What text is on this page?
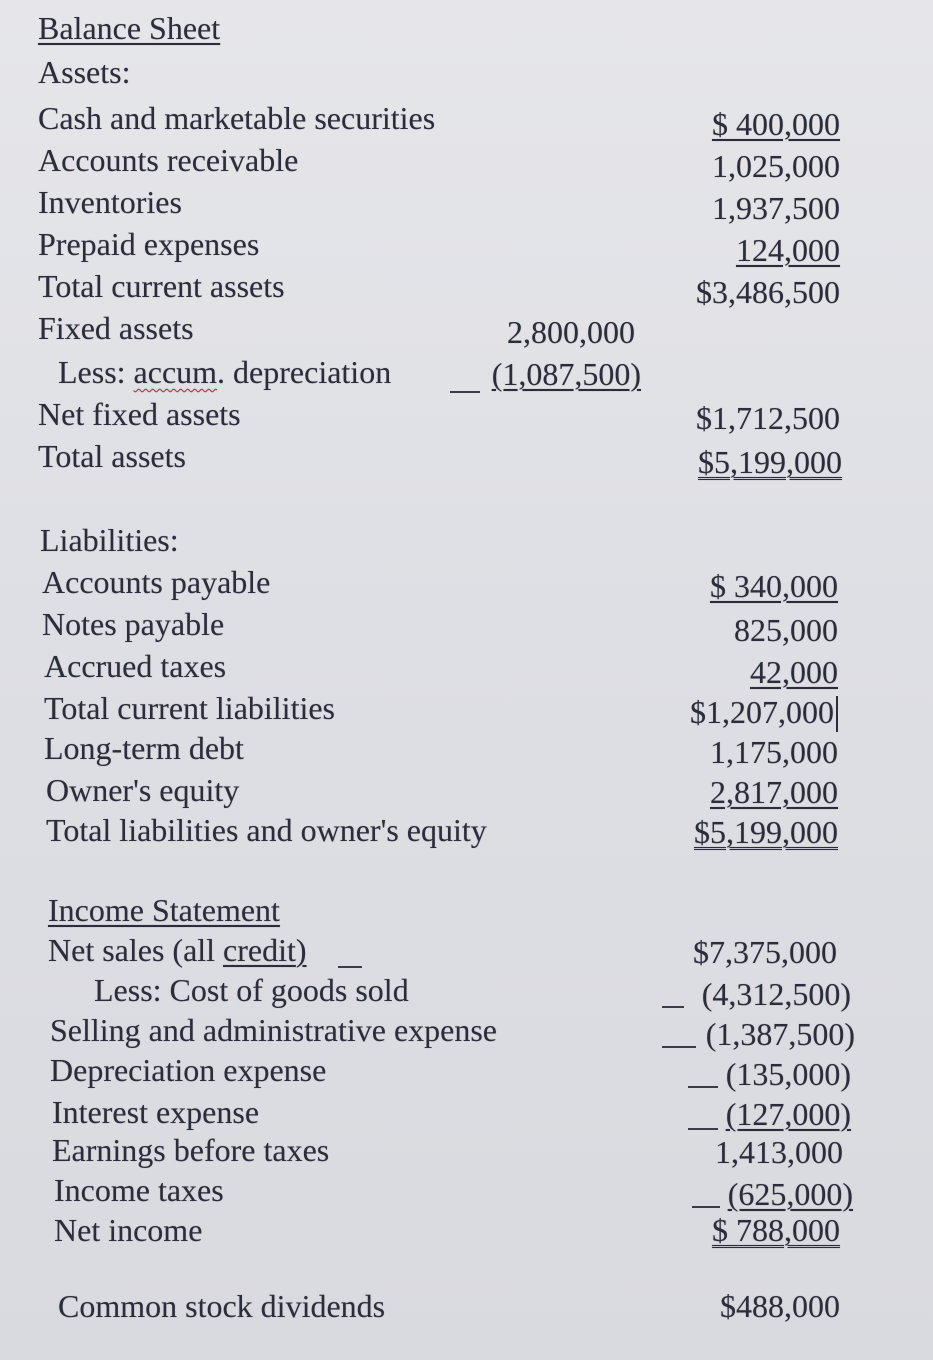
Balance Sheet
Assets:
Cash and marketable securities	$ 400,000
Accounts receivable	1,025,000
Inventories	1,937,500
Prepaid expenses	124,000
Total current assets	$3,486,500
Fixed assets	2,800,000
Less: accum. depreciation	(1,087,500)
Net fixed assets	$1,712,500
Total assets	$5,199,000
Liabilities:
Accounts payable	$ 340,000
Notes payable	825,000
Accrued taxes	42,000
Total current liabilities	$1,207,000
Long-term debt	1,175,000
Owner's equity	2,817,000
Total liabilities and owner's equity	$5,199,000
Income Statement
Net sales (all credit)	$7,375,000
Less: Cost of goods sold	(4,312,500)
Selling and administrative expense	(1,387,500)
Depreciation expense	(135,000)
Interest expense	(127,000)
Earnings before taxes	1,413,000
Income taxes	(625,000)
Net income	$ 788,000
Common stock dividends	$488,000
